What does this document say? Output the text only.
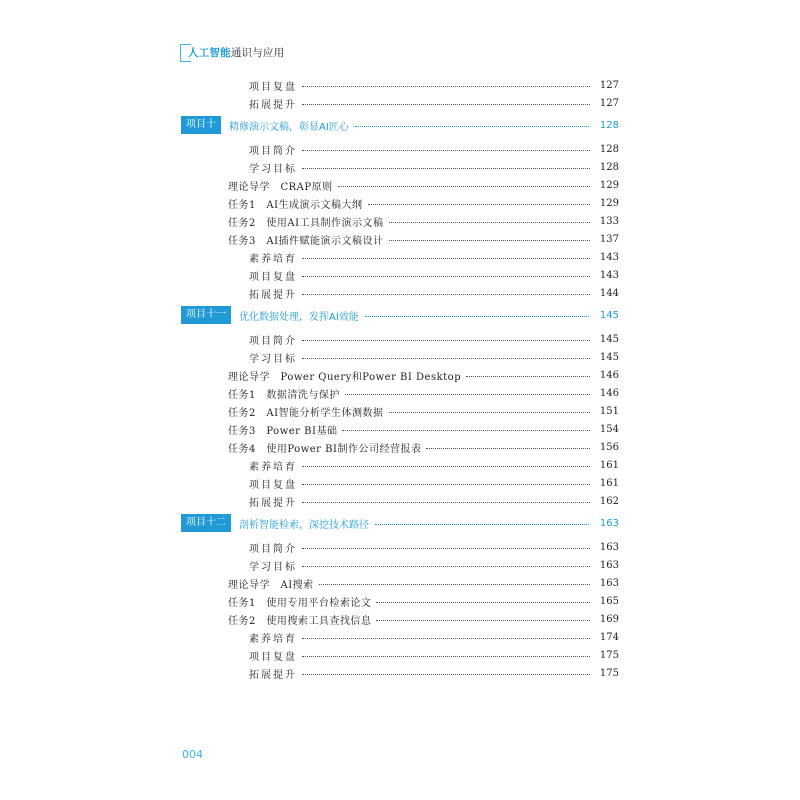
人工智能通识与应用
项目复盘	127
拓展提升	127
项目十	精修演示文稿，彰显AI匠心	128
项目简介	128
学习目标	128
理论导学　CRAP原则	129
任务1　AI生成演示文稿大纲	129
任务2　使用AI工具制作演示文稿	133
任务3　AI插件赋能演示文稿设计	137
素养培育	143
项目复盘	143
拓展提升	144
项目十一	优化数据处理，发挥AI效能	145
项目简介	145
学习目标	145
理论导学　Power Query和Power BI Desktop	146
任务1　数据清洗与保护	146
任务2　AI智能分析学生体测数据	151
任务3　Power BI基础	154
任务4　使用Power BI制作公司经营报表	156
素养培育	161
项目复盘	161
拓展提升	162
项目十二	剖析智能检索，深挖技术路径	163
项目简介	163
学习目标	163
理论导学　AI搜索	163
任务1　使用专用平台检索论文	165
任务2　使用搜索工具查找信息	169
素养培育	174
项目复盘	175
拓展提升	175
004
